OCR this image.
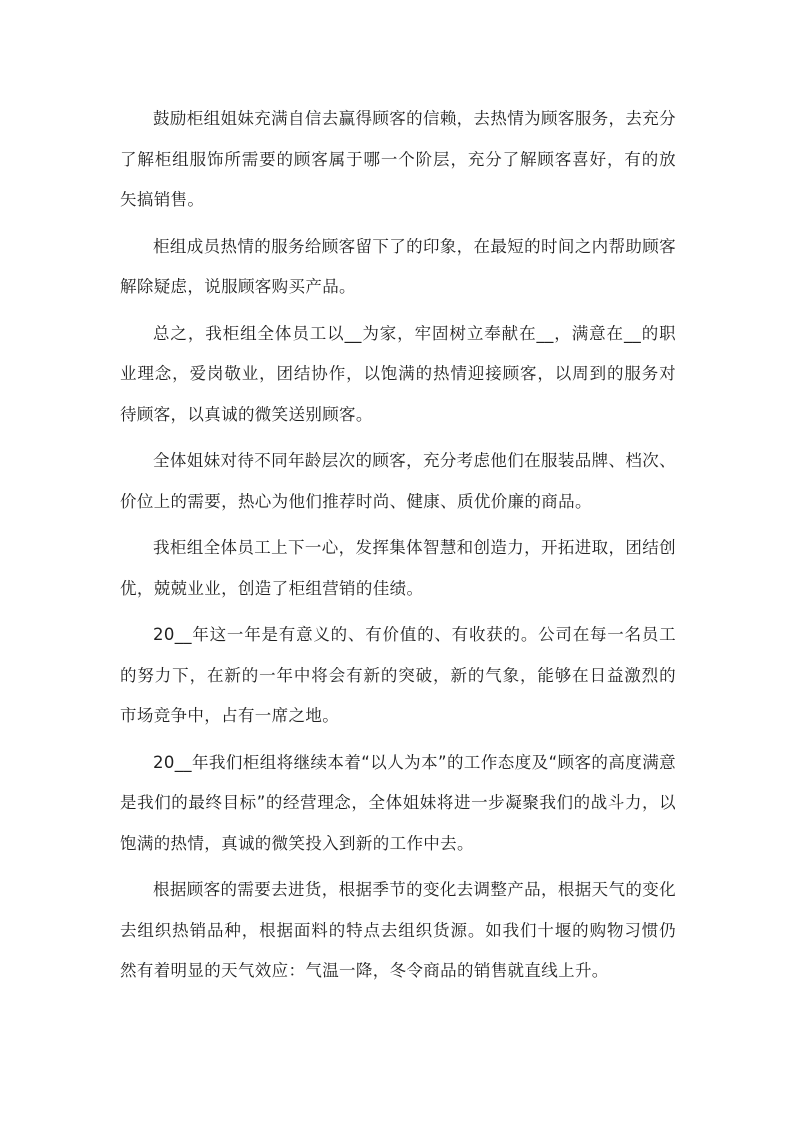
鼓励柜组姐妹充满自信去赢得顾客的信赖，去热情为顾客服务，去充分了解柜组服饰所需要的顾客属于哪一个阶层，充分了解顾客喜好，有的放矢搞销售。

柜组成员热情的服务给顾客留下了的印象，在最短的时间之内帮助顾客解除疑虑，说服顾客购买产品。

总之，我柜组全体员工以__为家，牢固树立奉献在__，满意在__的职业理念，爱岗敬业，团结协作，以饱满的热情迎接顾客，以周到的服务对待顾客，以真诚的微笑送别顾客。

全体姐妹对待不同年龄层次的顾客，充分考虑他们在服装品牌、档次、价位上的需要，热心为他们推荐时尚、健康、质优价廉的商品。

我柜组全体员工上下一心，发挥集体智慧和创造力，开拓进取，团结创优，兢兢业业，创造了柜组营销的佳绩。

20__年这一年是有意义的、有价值的、有收获的。公司在每一名员工的努力下，在新的一年中将会有新的突破，新的气象，能够在日益激烈的市场竞争中，占有一席之地。

20__年我们柜组将继续本着“以人为本”的工作态度及“顾客的高度满意是我们的最终目标”的经营理念，全体姐妹将进一步凝聚我们的战斗力，以饱满的热情，真诚的微笑投入到新的工作中去。

根据顾客的需要去进货，根据季节的变化去调整产品，根据天气的变化去组织热销品种，根据面料的特点去组织货源。如我们十堰的购物习惯仍然有着明显的天气效应：气温一降，冬令商品的销售就直线上升。
